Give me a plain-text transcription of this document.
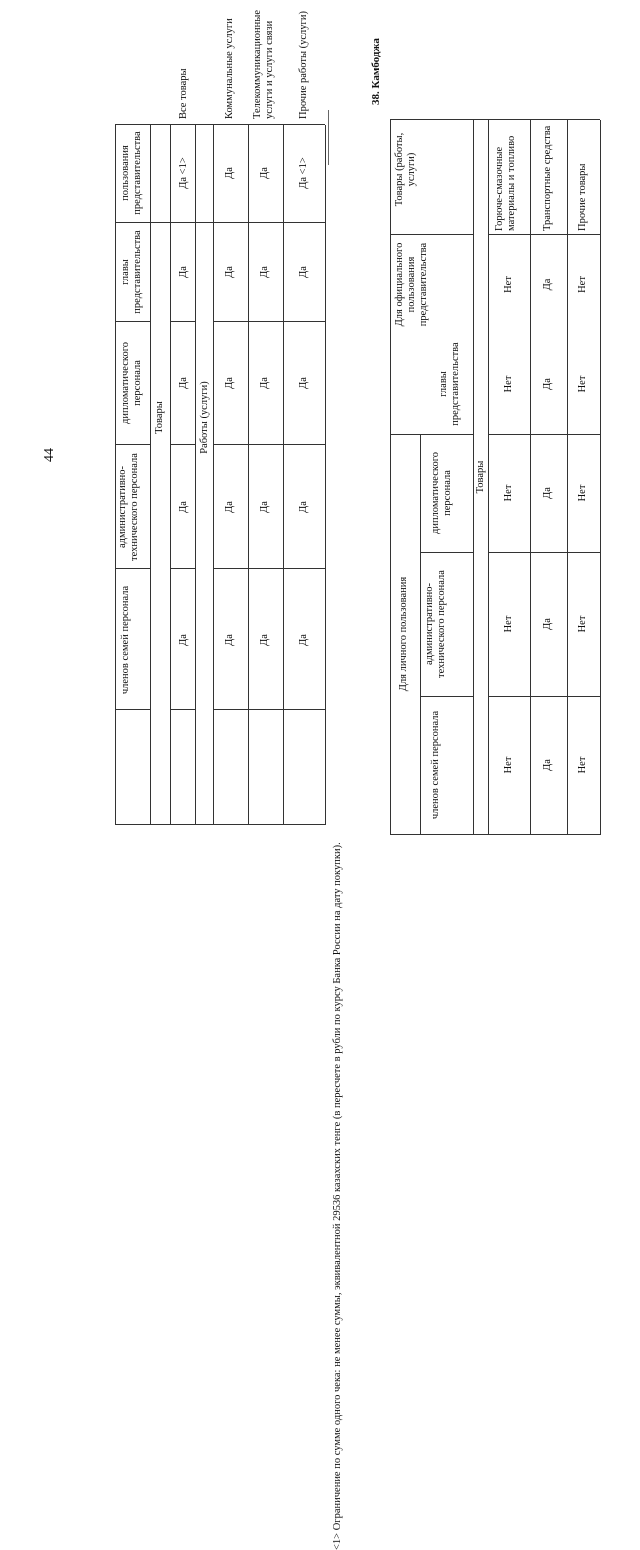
44
пользования представительства
главы представительства
дипломатического персонала
административно-технического персонала
членов семей персонала
Товары
Все товары
Да <1>
Да
Да
Да
Да
Работы (услуги)
Коммунальные услуги
Да
Да
Да
Да
Да
Телекоммуникационные услуги и услуги связи
Да
Да
Да
Да
Да
Прочие работы (услуги)
Да <1>
Да
Да
Да
Да
<1> Ограничение по сумме одного чека: не менее суммы, эквивалентной 29536 казахских тенге (в пересчете в рубли по курсу Банка России на дату покупки).
38. Камбоджа
Товары (работы, услуги)
Для официального пользования представительства
Для личного пользования
главы представительства
дипломатического персонала
административно-технического персонала
членов семей персонала
Товары
Горюче-смазочные материалы и топливо
Нет
Нет
Нет
Нет
Нет
Транспортные средства
Да
Да
Да
Да
Да
Прочие товары
Нет
Нет
Нет
Нет
Нет
